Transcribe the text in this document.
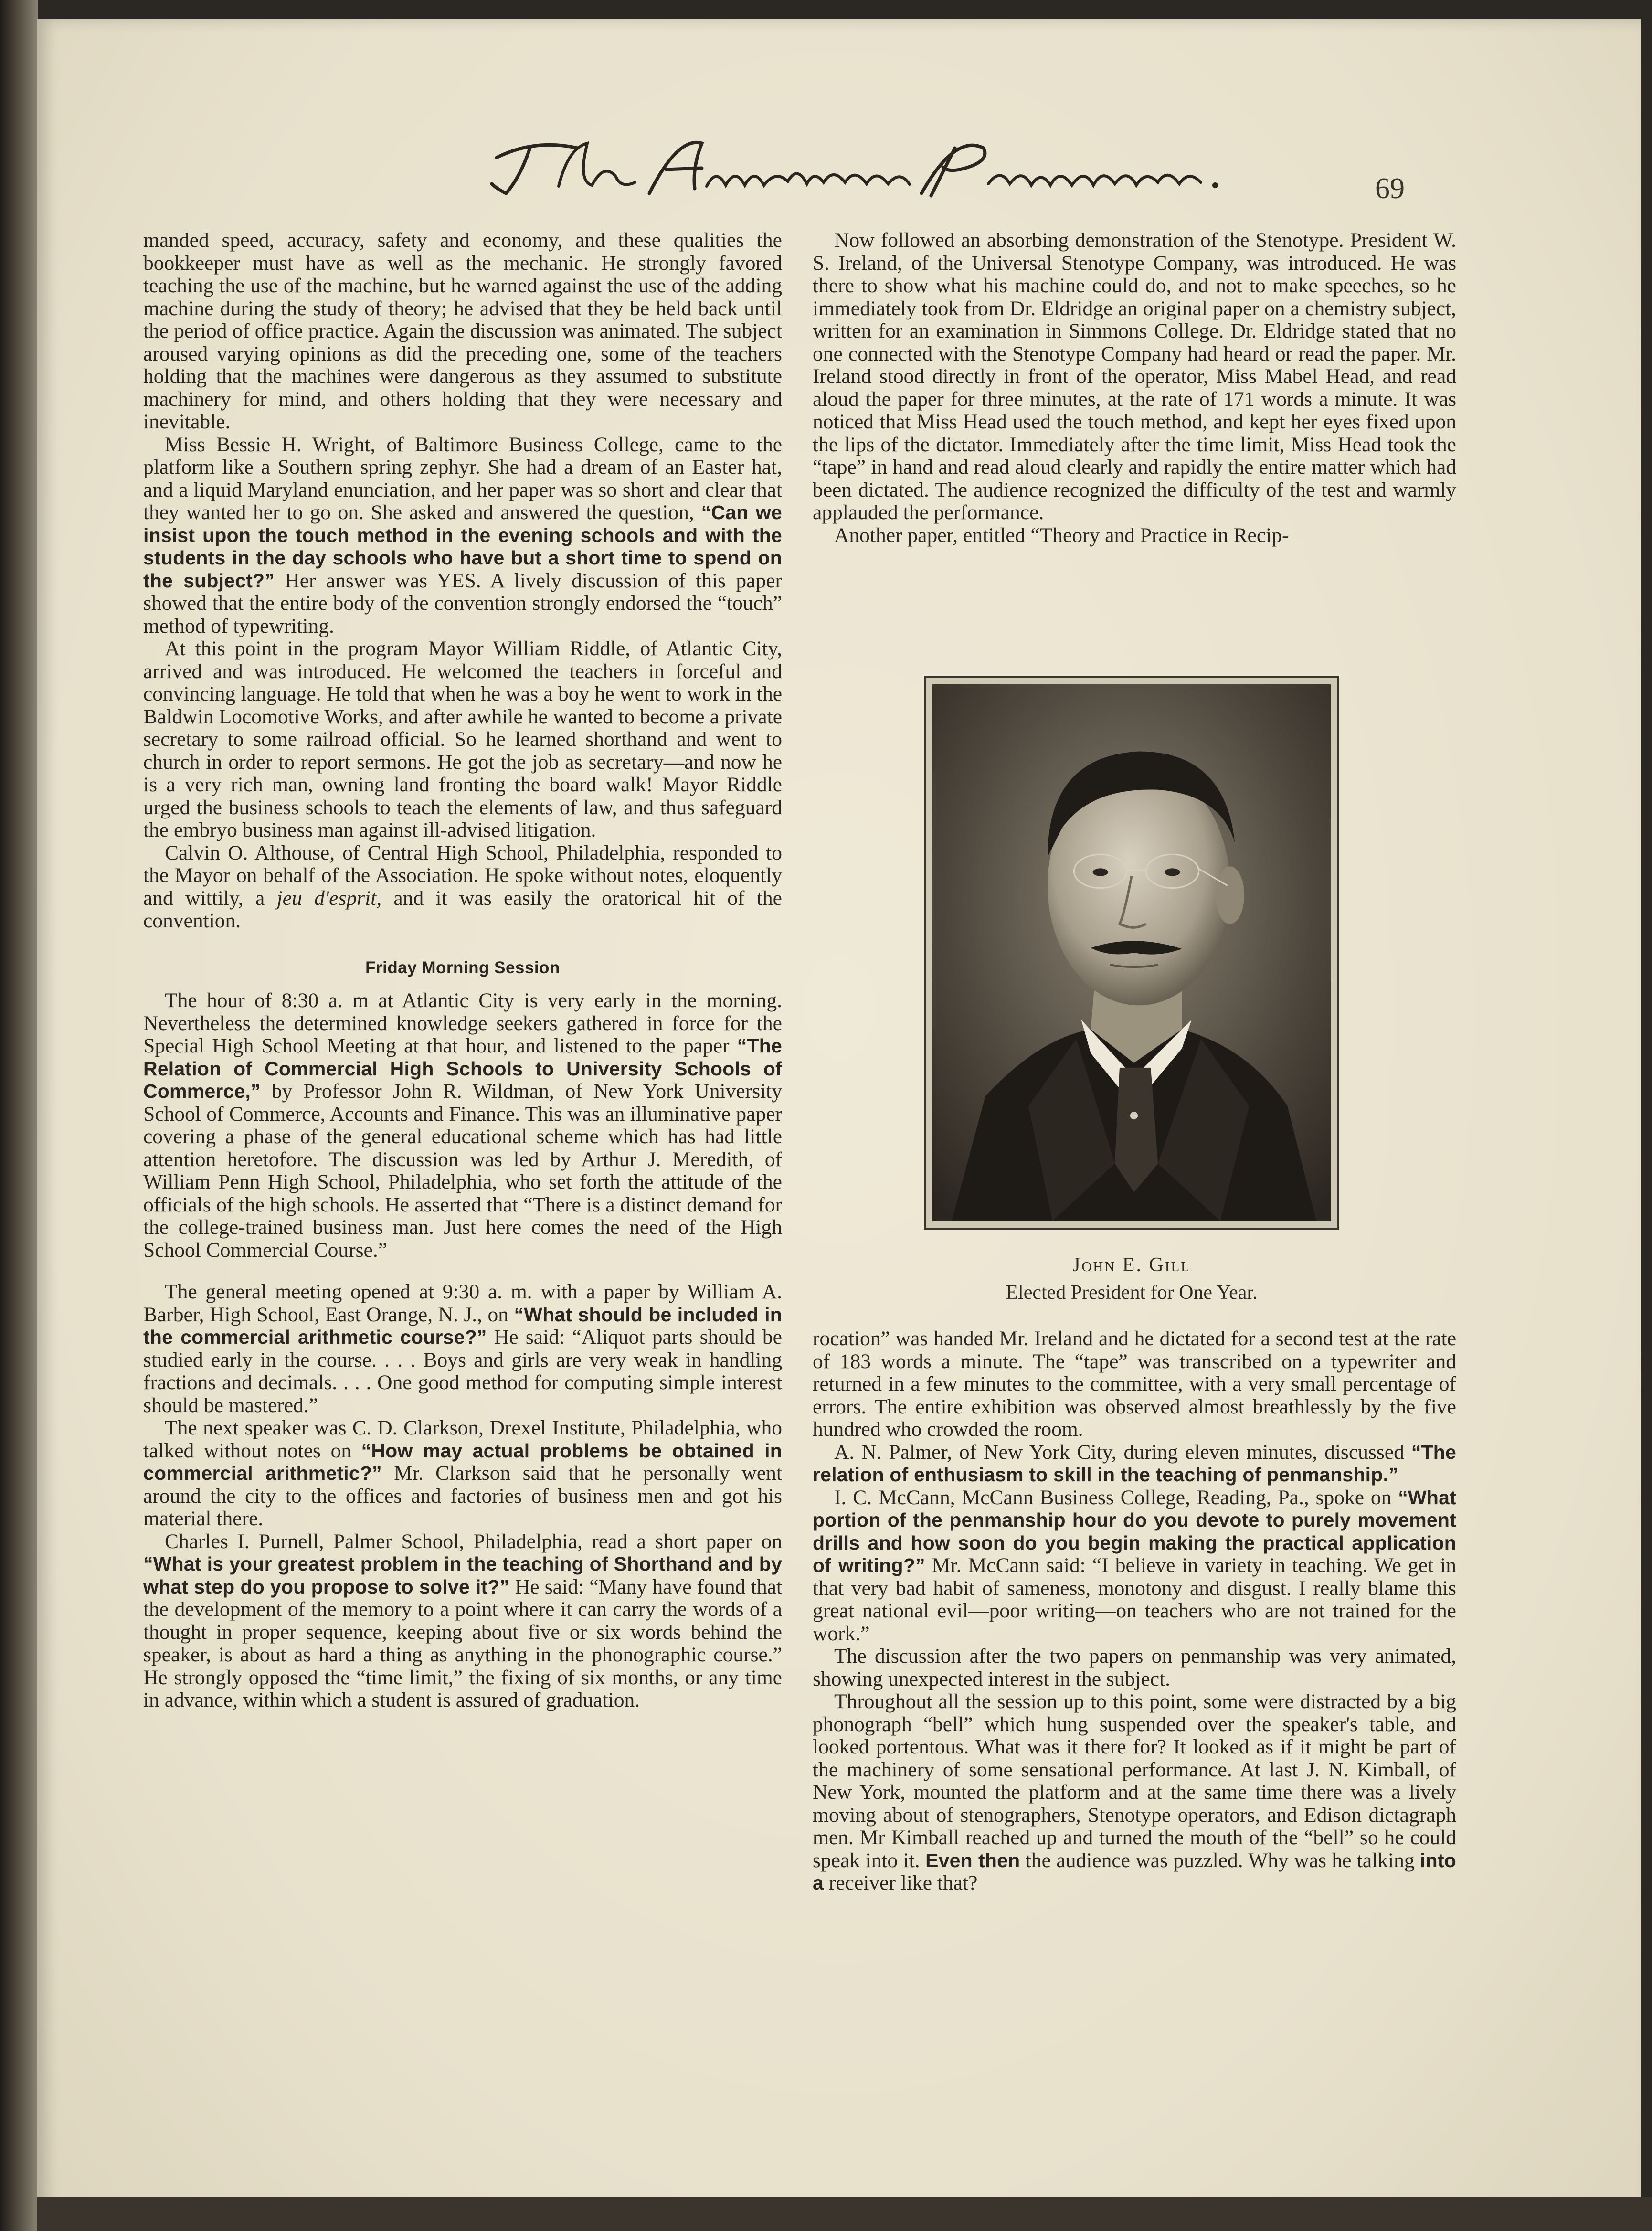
69

manded speed, accuracy, safety and economy, and these qualities the bookkeeper must have as well as the mechanic. He strongly favored teaching the use of the machine, but he warned against the use of the adding machine during the study of theory; he advised that they be held back until the period of office practice. Again the discussion was animated. The subject aroused varying opinions as did the preceding one, some of the teachers holding that the machines were dangerous as they assumed to substitute machinery for mind, and others holding that they were necessary and inevitable.

Miss Bessie H. Wright, of Baltimore Business College, came to the platform like a Southern spring zephyr. She had a dream of an Easter hat, and a liquid Maryland enunciation, and her paper was so short and clear that they wanted her to go on. She asked and answered the question, “Can we insist upon the touch method in the evening schools and with the students in the day schools who have but a short time to spend on the subject?” Her answer was YES. A lively discussion of this paper showed that the entire body of the convention strongly endorsed the “touch” method of typewriting.

At this point in the program Mayor William Riddle, of Atlantic City, arrived and was introduced. He welcomed the teachers in forceful and convincing language. He told that when he was a boy he went to work in the Baldwin Locomotive Works, and after awhile he wanted to become a private secretary to some railroad official. So he learned shorthand and went to church in order to report sermons. He got the job as secretary—and now he is a very rich man, owning land fronting the board walk! Mayor Riddle urged the business schools to teach the elements of law, and thus safeguard the embryo business man against ill-advised litigation.

Calvin O. Althouse, of Central High School, Philadelphia, responded to the Mayor on behalf of the Association. He spoke without notes, eloquently and wittily, a jeu d'esprit, and it was easily the oratorical hit of the convention.

Friday Morning Session

The hour of 8:30 a. m at Atlantic City is very early in the morning. Nevertheless the determined knowledge seekers gathered in force for the Special High School Meeting at that hour, and listened to the paper “The Relation of Commercial High Schools to University Schools of Commerce,” by Professor John R. Wildman, of New York University School of Commerce, Accounts and Finance. This was an illuminative paper covering a phase of the general educational scheme which has had little attention heretofore. The discussion was led by Arthur J. Meredith, of William Penn High School, Philadelphia, who set forth the attitude of the officials of the high schools. He asserted that “There is a distinct demand for the college-trained business man. Just here comes the need of the High School Commercial Course.”

The general meeting opened at 9:30 a. m. with a paper by William A. Barber, High School, East Orange, N. J., on “What should be included in the commercial arithmetic course?” He said: “Aliquot parts should be studied early in the course. . . . Boys and girls are very weak in handling fractions and decimals. . . . One good method for computing simple interest should be mastered.”

The next speaker was C. D. Clarkson, Drexel Institute, Philadelphia, who talked without notes on “How may actual problems be obtained in commercial arithmetic?” Mr. Clarkson said that he personally went around the city to the offices and factories of business men and got his material there.

Charles I. Purnell, Palmer School, Philadelphia, read a short paper on “What is your greatest problem in the teaching of Shorthand and by what step do you propose to solve it?” He said: “Many have found that the development of the memory to a point where it can carry the words of a thought in proper sequence, keeping about five or six words behind the speaker, is about as hard a thing as anything in the phonographic course.” He strongly opposed the “time limit,” the fixing of six months, or any time in advance, within which a student is assured of graduation.

Now followed an absorbing demonstration of the Stenotype. President W. S. Ireland, of the Universal Stenotype Company, was introduced. He was there to show what his machine could do, and not to make speeches, so he immediately took from Dr. Eldridge an original paper on a chemistry subject, written for an examination in Simmons College. Dr. Eldridge stated that no one connected with the Stenotype Company had heard or read the paper. Mr. Ireland stood directly in front of the operator, Miss Mabel Head, and read aloud the paper for three minutes, at the rate of 171 words a minute. It was noticed that Miss Head used the touch method, and kept her eyes fixed upon the lips of the dictator. Immediately after the time limit, Miss Head took the “tape” in hand and read aloud clearly and rapidly the entire matter which had been dictated. The audience recognized the difficulty of the test and warmly applauded the performance.

Another paper, entitled “Theory and Practice in Recip-

John E. Gill
Elected President for One Year.

rocation” was handed Mr. Ireland and he dictated for a second test at the rate of 183 words a minute. The “tape” was transcribed on a typewriter and returned in a few minutes to the committee, with a very small percentage of errors. The entire exhibition was observed almost breathlessly by the five hundred who crowded the room.

A. N. Palmer, of New York City, during eleven minutes, discussed “The relation of enthusiasm to skill in the teaching of penmanship.”

I. C. McCann, McCann Business College, Reading, Pa., spoke on “What portion of the penmanship hour do you devote to purely movement drills and how soon do you begin making the practical application of writing?” Mr. McCann said: “I believe in variety in teaching. We get in that very bad habit of sameness, monotony and disgust. I really blame this great national evil—poor writing—on teachers who are not trained for the work.”

The discussion after the two papers on penmanship was very animated, showing unexpected interest in the subject.

Throughout all the session up to this point, some were distracted by a big phonograph “bell” which hung suspended over the speaker's table, and looked portentous. What was it there for? It looked as if it might be part of the machinery of some sensational performance. At last J. N. Kimball, of New York, mounted the platform and at the same time there was a lively moving about of stenographers, Stenotype operators, and Edison dictagraph men. Mr Kimball reached up and turned the mouth of the “bell” so he could speak into it. Even then the audience was puzzled. Why was he talking into a receiver like that?
